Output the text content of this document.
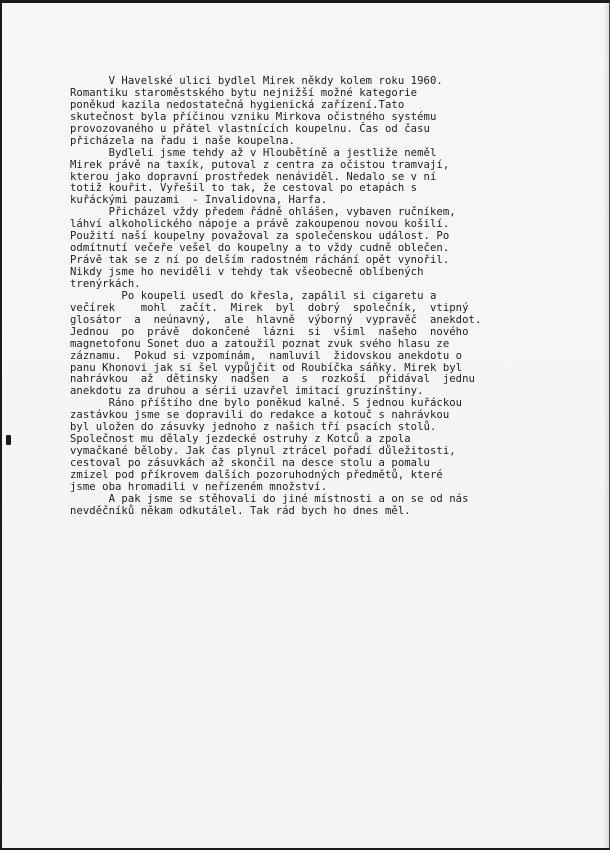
V Havelské ulici bydlel Mirek někdy kolem roku 1960.
Romantiku staroměstského bytu nejnižší možné kategorie
poněkud kazila nedostatečná hygienická zařízení.Tato
skutečnost byla příčinou vzniku Mirkova očistného systému
provozovaného u přátel vlastnících koupelnu. Čas od času
přicházela na řadu i naše koupelna.
Bydleli jsme tehdy až v Hloubětíně a jestliže neměl
Mirek právě na taxík, putoval z centra za očistou tramvají,
kterou jako dopravní prostředek nenáviděl. Nedalo se v ní
totiž kouřit. Vyřešil to tak, že cestoval po etapách s
kuřáckými pauzami  - Invalidovna, Harfa.
Přicházel vždy předem řádně ohlášen, vybaven ručníkem,
láhví alkoholického nápoje a právě zakoupenou novou košilí.
Použití naší koupelny považoval za společenskou událost. Po
odmítnutí večeře vešel do koupelny a to vždy cudně oblečen.
Právě tak se z ní po delším radostném ráchání opět vynořil.
Nikdy jsme ho neviděli v tehdy tak všeobecně oblíbených
trenýrkách.
Po koupeli usedl do křesla, zapálil si cigaretu a
večírek    mohl  začít.  Mirek  byl  dobrý  společník,  vtipný
glosátor  a  neúnavný,  ale  hlavně  výborný  vypravěč  anekdot.
Jednou  po  právě  dokončené  lázni  si  všiml  našeho  nového
magnetofonu Sonet duo a zatoužil poznat zvuk svého hlasu ze
záznamu.  Pokud si vzpomínám,  namluvil  židovskou anekdotu o
panu Khonovi jak si šel vypůjčit od Roubíčka sáňky. Mirek byl
nahrávkou  až  dětinsky  nadšen  a  s  rozkoší  přidával  jednu
anekdotu za druhou a sérii uzavřel imitací gruzínštiny.
Ráno příštího dne bylo poněkud kalné. S jednou kuřáckou
zastávkou jsme se dopravili do redakce a kotouč s nahrávkou
byl uložen do zásuvky jednoho z našich tří psacích stolů.
Společnost mu dělaly jezdecké ostruhy z Kotců a zpola
vymačkané běloby. Jak čas plynul ztrácel pořadí důležitosti,
cestoval po zásuvkách až skončil na desce stolu a pomalu
zmizel pod příkrovem dalších pozoruhodných předmětů, které
jsme oba hromadili v neřízeném množství.
A pak jsme se stěhovali do jiné místnosti a on se od nás
nevděčníků někam odkutálel. Tak rád bych ho dnes měl.
